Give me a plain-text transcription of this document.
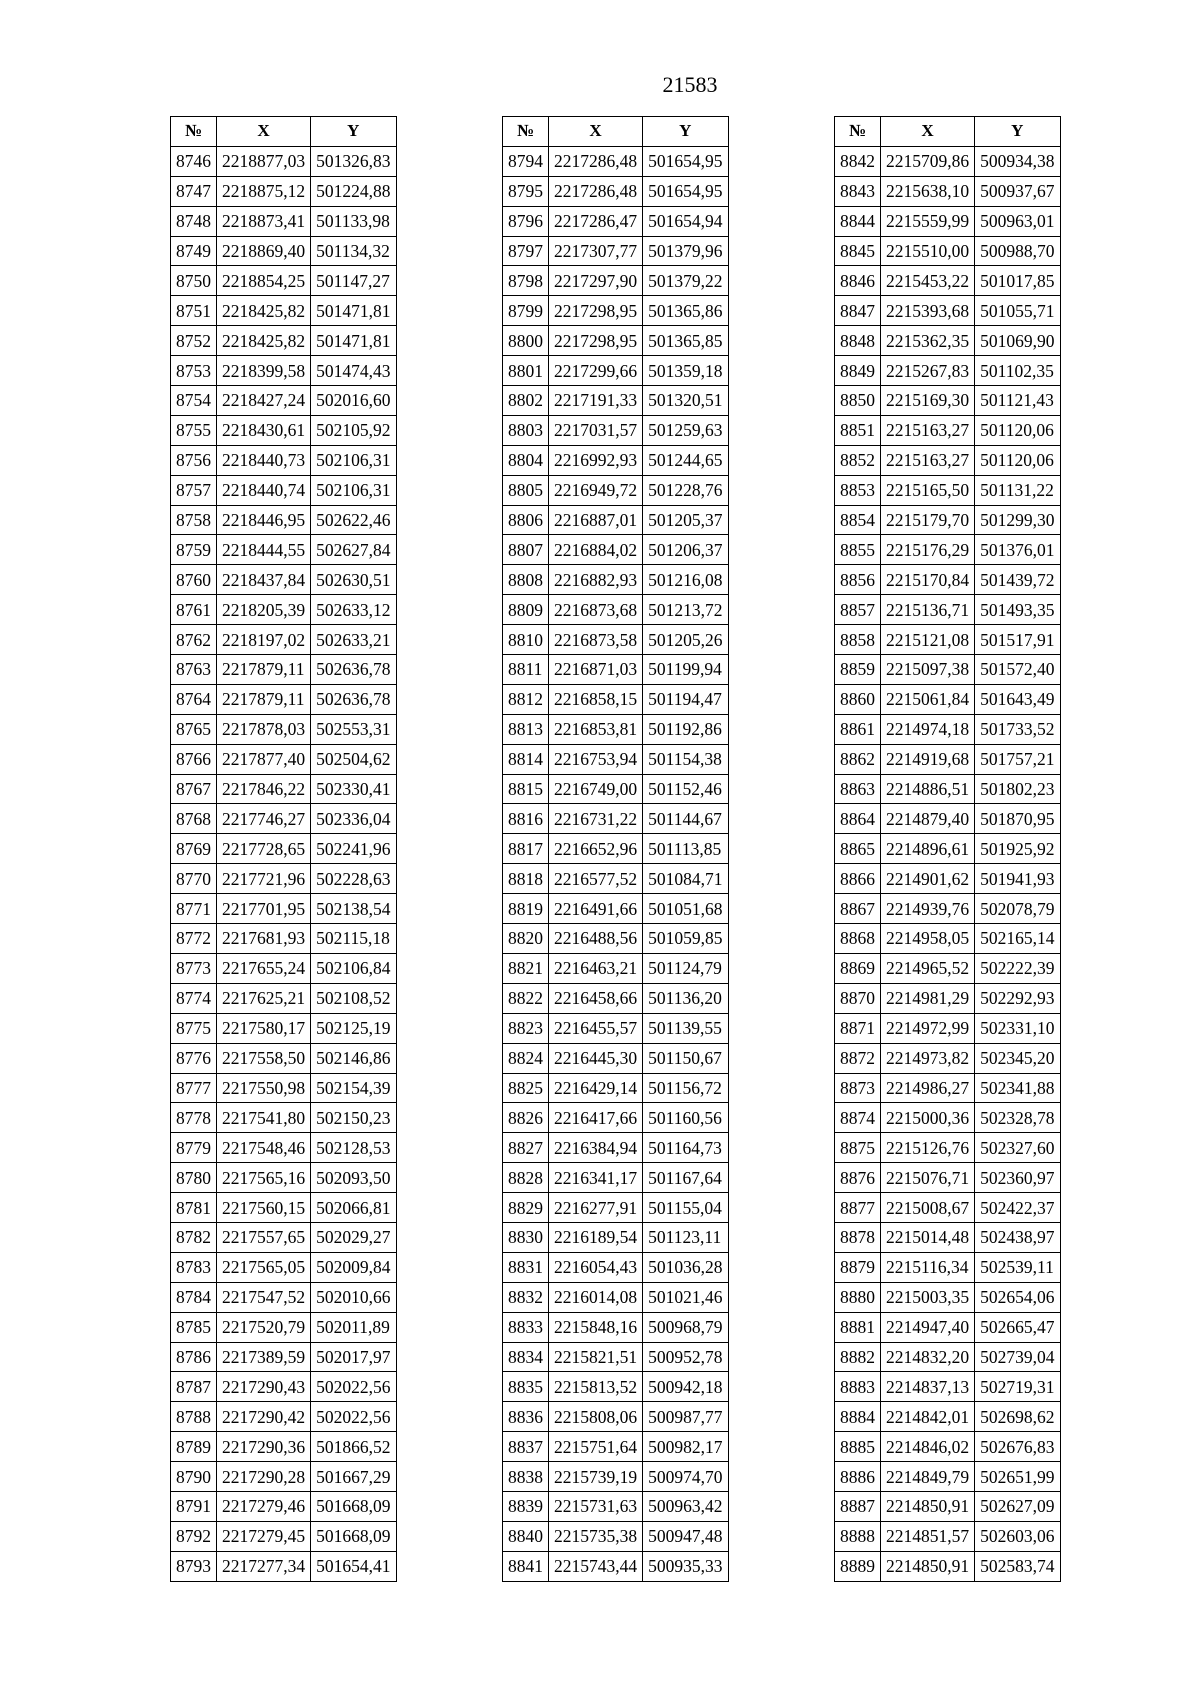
21583
№	X	Y
8746	2218877,03	501326,83
8747	2218875,12	501224,88
8748	2218873,41	501133,98
8749	2218869,40	501134,32
8750	2218854,25	501147,27
8751	2218425,82	501471,81
8752	2218425,82	501471,81
8753	2218399,58	501474,43
8754	2218427,24	502016,60
8755	2218430,61	502105,92
8756	2218440,73	502106,31
8757	2218440,74	502106,31
8758	2218446,95	502622,46
8759	2218444,55	502627,84
8760	2218437,84	502630,51
8761	2218205,39	502633,12
8762	2218197,02	502633,21
8763	2217879,11	502636,78
8764	2217879,11	502636,78
8765	2217878,03	502553,31
8766	2217877,40	502504,62
8767	2217846,22	502330,41
8768	2217746,27	502336,04
8769	2217728,65	502241,96
8770	2217721,96	502228,63
8771	2217701,95	502138,54
8772	2217681,93	502115,18
8773	2217655,24	502106,84
8774	2217625,21	502108,52
8775	2217580,17	502125,19
8776	2217558,50	502146,86
8777	2217550,98	502154,39
8778	2217541,80	502150,23
8779	2217548,46	502128,53
8780	2217565,16	502093,50
8781	2217560,15	502066,81
8782	2217557,65	502029,27
8783	2217565,05	502009,84
8784	2217547,52	502010,66
8785	2217520,79	502011,89
8786	2217389,59	502017,97
8787	2217290,43	502022,56
8788	2217290,42	502022,56
8789	2217290,36	501866,52
8790	2217290,28	501667,29
8791	2217279,46	501668,09
8792	2217279,45	501668,09
8793	2217277,34	501654,41
№	X	Y
8794	2217286,48	501654,95
8795	2217286,48	501654,95
8796	2217286,47	501654,94
8797	2217307,77	501379,96
8798	2217297,90	501379,22
8799	2217298,95	501365,86
8800	2217298,95	501365,85
8801	2217299,66	501359,18
8802	2217191,33	501320,51
8803	2217031,57	501259,63
8804	2216992,93	501244,65
8805	2216949,72	501228,76
8806	2216887,01	501205,37
8807	2216884,02	501206,37
8808	2216882,93	501216,08
8809	2216873,68	501213,72
8810	2216873,58	501205,26
8811	2216871,03	501199,94
8812	2216858,15	501194,47
8813	2216853,81	501192,86
8814	2216753,94	501154,38
8815	2216749,00	501152,46
8816	2216731,22	501144,67
8817	2216652,96	501113,85
8818	2216577,52	501084,71
8819	2216491,66	501051,68
8820	2216488,56	501059,85
8821	2216463,21	501124,79
8822	2216458,66	501136,20
8823	2216455,57	501139,55
8824	2216445,30	501150,67
8825	2216429,14	501156,72
8826	2216417,66	501160,56
8827	2216384,94	501164,73
8828	2216341,17	501167,64
8829	2216277,91	501155,04
8830	2216189,54	501123,11
8831	2216054,43	501036,28
8832	2216014,08	501021,46
8833	2215848,16	500968,79
8834	2215821,51	500952,78
8835	2215813,52	500942,18
8836	2215808,06	500987,77
8837	2215751,64	500982,17
8838	2215739,19	500974,70
8839	2215731,63	500963,42
8840	2215735,38	500947,48
8841	2215743,44	500935,33
№	X	Y
8842	2215709,86	500934,38
8843	2215638,10	500937,67
8844	2215559,99	500963,01
8845	2215510,00	500988,70
8846	2215453,22	501017,85
8847	2215393,68	501055,71
8848	2215362,35	501069,90
8849	2215267,83	501102,35
8850	2215169,30	501121,43
8851	2215163,27	501120,06
8852	2215163,27	501120,06
8853	2215165,50	501131,22
8854	2215179,70	501299,30
8855	2215176,29	501376,01
8856	2215170,84	501439,72
8857	2215136,71	501493,35
8858	2215121,08	501517,91
8859	2215097,38	501572,40
8860	2215061,84	501643,49
8861	2214974,18	501733,52
8862	2214919,68	501757,21
8863	2214886,51	501802,23
8864	2214879,40	501870,95
8865	2214896,61	501925,92
8866	2214901,62	501941,93
8867	2214939,76	502078,79
8868	2214958,05	502165,14
8869	2214965,52	502222,39
8870	2214981,29	502292,93
8871	2214972,99	502331,10
8872	2214973,82	502345,20
8873	2214986,27	502341,88
8874	2215000,36	502328,78
8875	2215126,76	502327,60
8876	2215076,71	502360,97
8877	2215008,67	502422,37
8878	2215014,48	502438,97
8879	2215116,34	502539,11
8880	2215003,35	502654,06
8881	2214947,40	502665,47
8882	2214832,20	502739,04
8883	2214837,13	502719,31
8884	2214842,01	502698,62
8885	2214846,02	502676,83
8886	2214849,79	502651,99
8887	2214850,91	502627,09
8888	2214851,57	502603,06
8889	2214850,91	502583,74
